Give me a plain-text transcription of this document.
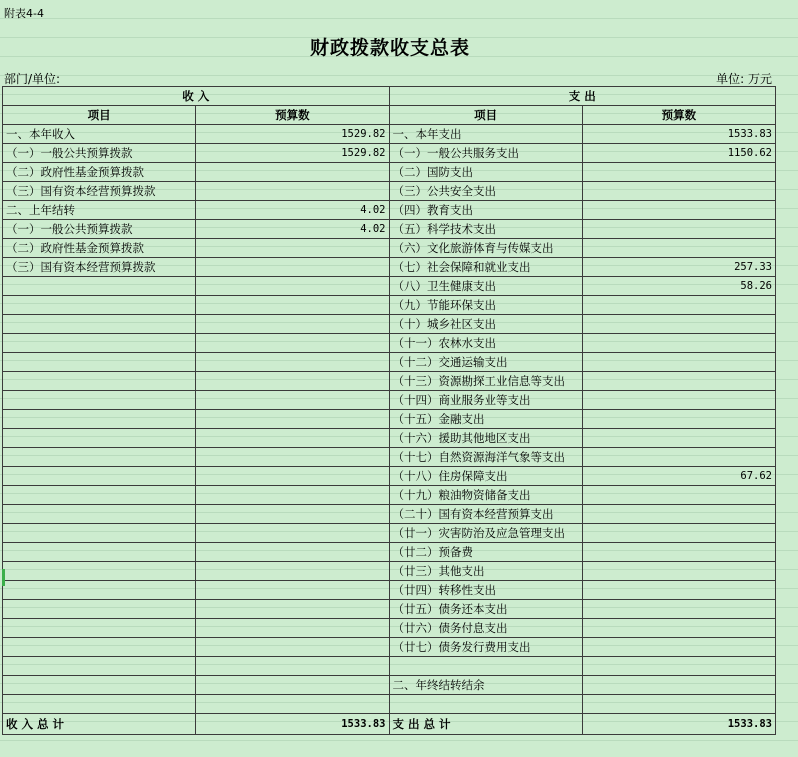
附表4-4
财政拨款收支总表
部门/单位:	单位: 万元
收 入		支 出	
项目	预算数	项目	预算数
一、本年收入	1529.82	一、本年支出	1533.83
（一）一般公共预算拨款	1529.82	（一）一般公共服务支出	1150.62
（二）政府性基金预算拨款		（二）国防支出	
（三）国有资本经营预算拨款		（三）公共安全支出	
二、上年结转	4.02	（四）教育支出	
（一）一般公共预算拨款	4.02	（五）科学技术支出	
（二）政府性基金预算拨款		（六）文化旅游体育与传媒支出	
（三）国有资本经营预算拨款		（七）社会保障和就业支出	257.33
		（八）卫生健康支出	58.26
		（九）节能环保支出	
		（十）城乡社区支出	
		（十一）农林水支出	
		（十二）交通运输支出	
		（十三）资源勘探工业信息等支出	
		（十四）商业服务业等支出	
		（十五）金融支出	
		（十六）援助其他地区支出	
		（十七）自然资源海洋气象等支出	
		（十八）住房保障支出	67.62
		（十九）粮油物资储备支出	
		（二十）国有资本经营预算支出	
		（廿一）灾害防治及应急管理支出	
		（廿二）预备费	
		（廿三）其他支出	
		（廿四）转移性支出	
		（廿五）债务还本支出	
		（廿六）债务付息支出	
		（廿七）债务发行费用支出	

		二、年终结转结余	

收 入 总 计	1533.83	支 出 总 计	1533.83
